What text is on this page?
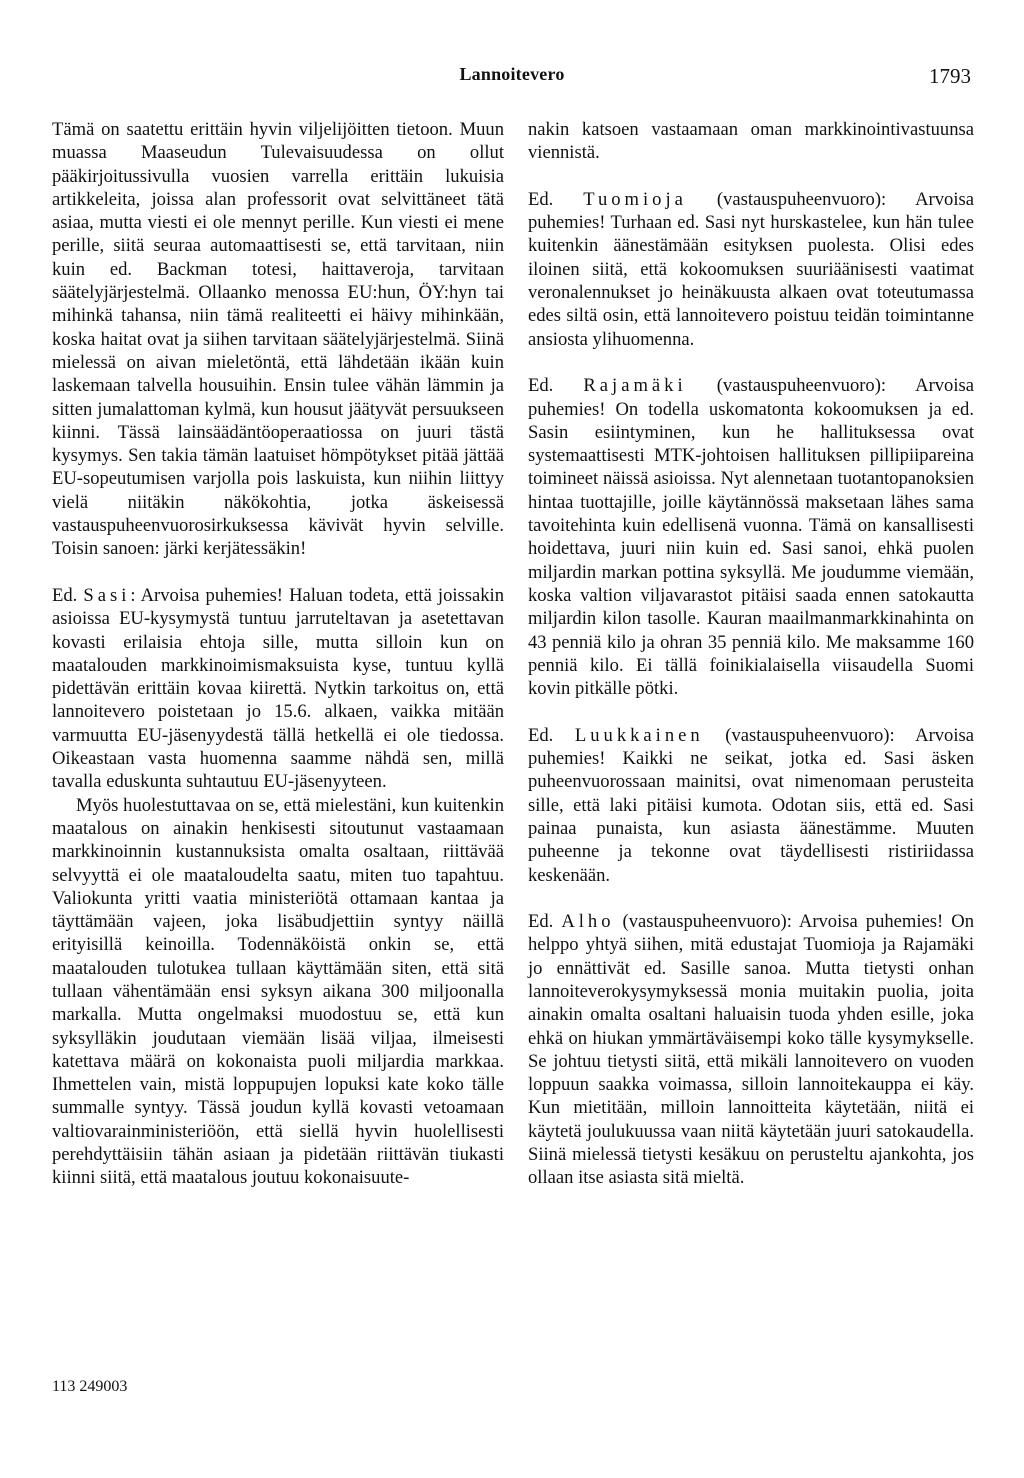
Lannoitevero	1793

Tämä on saatettu erittäin hyvin viljelijöitten tietoon. Muun muassa Maaseudun Tulevaisuudessa on ollut pääkirjoitussivulla vuosien varrella erittäin lukuisia artikkeleita, joissa alan professorit ovat selvittäneet tätä asiaa, mutta viesti ei ole mennyt perille. Kun viesti ei mene perille, siitä seuraa automaattisesti se, että tarvitaan, niin kuin ed. Backman totesi, haittaveroja, tarvitaan säätelyjärjestelmä. Ollaanko menossa EU:hun, ÖY:hyn tai mihinkä tahansa, niin tämä realiteetti ei häivy mihinkään, koska haitat ovat ja siihen tarvitaan säätelyjärjestelmä. Siinä mielessä on aivan mieletöntä, että lähdetään ikään kuin laskemaan talvella housuihin. Ensin tulee vähän lämmin ja sitten jumalattoman kylmä, kun housut jäätyvät persuukseen kiinni. Tässä lainsäädäntöoperaatiossa on juuri tästä kysymys. Sen takia tämän laatuiset hömpötykset pitää jättää EU-sopeutumisen varjolla pois laskuista, kun niihin liittyy vielä niitäkin näkökohtia, jotka äskeisessä vastauspuheenvuorosirkuksessa kävivät hyvin selville. Toisin sanoen: järki kerjätessäkin!

Ed. Sasi: Arvoisa puhemies! Haluan todeta, että joissakin asioissa EU-kysymystä tuntuu jarruteltavan ja asetettavan kovasti erilaisia ehtoja sille, mutta silloin kun on maatalouden markkinoimismaksuista kyse, tuntuu kyllä pidettävän erittäin kovaa kiirettä. Nytkin tarkoitus on, että lannoitevero poistetaan jo 15.6. alkaen, vaikka mitään varmuutta EU-jäsenyydestä tällä hetkellä ei ole tiedossa. Oikeastaan vasta huomenna saamme nähdä sen, millä tavalla eduskunta suhtautuu EU-jäsenyyteen.

Myös huolestuttavaa on se, että mielestäni, kun kuitenkin maatalous on ainakin henkisesti sitoutunut vastaamaan markkinoinnin kustannuksista omalta osaltaan, riittävää selvyyttä ei ole maataloudelta saatu, miten tuo tapahtuu. Valiokunta yritti vaatia ministeriötä ottamaan kantaa ja täyttämään vajeen, joka lisäbudjettiin syntyy näillä erityisillä keinoilla. Todennäköistä onkin se, että maatalouden tulotukea tullaan käyttämään siten, että sitä tullaan vähentämään ensi syksyn aikana 300 miljoonalla markalla. Mutta ongelmaksi muodostuu se, että kun syksylläkin joudutaan viemään lisää viljaa, ilmeisesti katettava määrä on kokonaista puoli miljardia markkaa. Ihmettelen vain, mistä loppupujen lopuksi kate koko tälle summalle syntyy. Tässä joudun kyllä kovasti vetoamaan valtiovarainministeriöön, että siellä hyvin huolellisesti perehdyttäisiin tähän asiaan ja pidetään riittävän tiukasti kiinni siitä, että maatalous joutuu kokonaisuute-

nakin katsoen vastaamaan oman markkinointivastuunsa viennistä.

Ed. Tuomioja (vastauspuheenvuoro): Arvoisa puhemies! Turhaan ed. Sasi nyt hurskastelee, kun hän tulee kuitenkin äänestämään esityksen puolesta. Olisi edes iloinen siitä, että kokoomuksen suuriäänisesti vaatimat veronalennukset jo heinäkuusta alkaen ovat toteutumassa edes siltä osin, että lannoitevero poistuu teidän toimintanne ansiosta ylihuomenna.

Ed. Rajamäki (vastauspuheenvuoro): Arvoisa puhemies! On todella uskomatonta kokoomuksen ja ed. Sasin esiintyminen, kun he hallituksessa ovat systemaattisesti MTK-johtoisen hallituksen pillipiipareina toimineet näissä asioissa. Nyt alennetaan tuotantopanoksien hintaa tuottajille, joille käytännössä maksetaan lähes sama tavoitehinta kuin edellisenä vuonna. Tämä on kansallisesti hoidettava, juuri niin kuin ed. Sasi sanoi, ehkä puolen miljardin markan pottina syksyllä. Me joudumme viemään, koska valtion viljavarastot pitäisi saada ennen satokautta miljardin kilon tasolle. Kauran maailmanmarkkinahinta on 43 penniä kilo ja ohran 35 penniä kilo. Me maksamme 160 penniä kilo. Ei tällä foinikialaisella viisaudella Suomi kovin pitkälle pötki.

Ed. Luukkainen (vastauspuheenvuoro): Arvoisa puhemies! Kaikki ne seikat, jotka ed. Sasi äsken puheenvuorossaan mainitsi, ovat nimenomaan perusteita sille, että laki pitäisi kumota. Odotan siis, että ed. Sasi painaa punaista, kun asiasta äänestämme. Muuten puheenne ja tekonne ovat täydellisesti ristiriidassa keskenään.

Ed. Alho (vastauspuheenvuoro): Arvoisa puhemies! On helppo yhtyä siihen, mitä edustajat Tuomioja ja Rajamäki jo ennättivät ed. Sasille sanoa. Mutta tietysti onhan lannoiteverokysymyksessä monia muitakin puolia, joita ainakin omalta osaltani haluaisin tuoda yhden esille, joka ehkä on hiukan ymmärtäväisempi koko tälle kysymykselle. Se johtuu tietysti siitä, että mikäli lannoitevero on vuoden loppuun saakka voimassa, silloin lannoitekauppa ei käy. Kun mietitään, milloin lannoitteita käytetään, niitä ei käytetä joulukuussa vaan niitä käytetään juuri satokaudella. Siinä mielessä tietysti kesäkuu on perusteltu ajankohta, jos ollaan itse asiasta sitä mieltä.

113 249003
